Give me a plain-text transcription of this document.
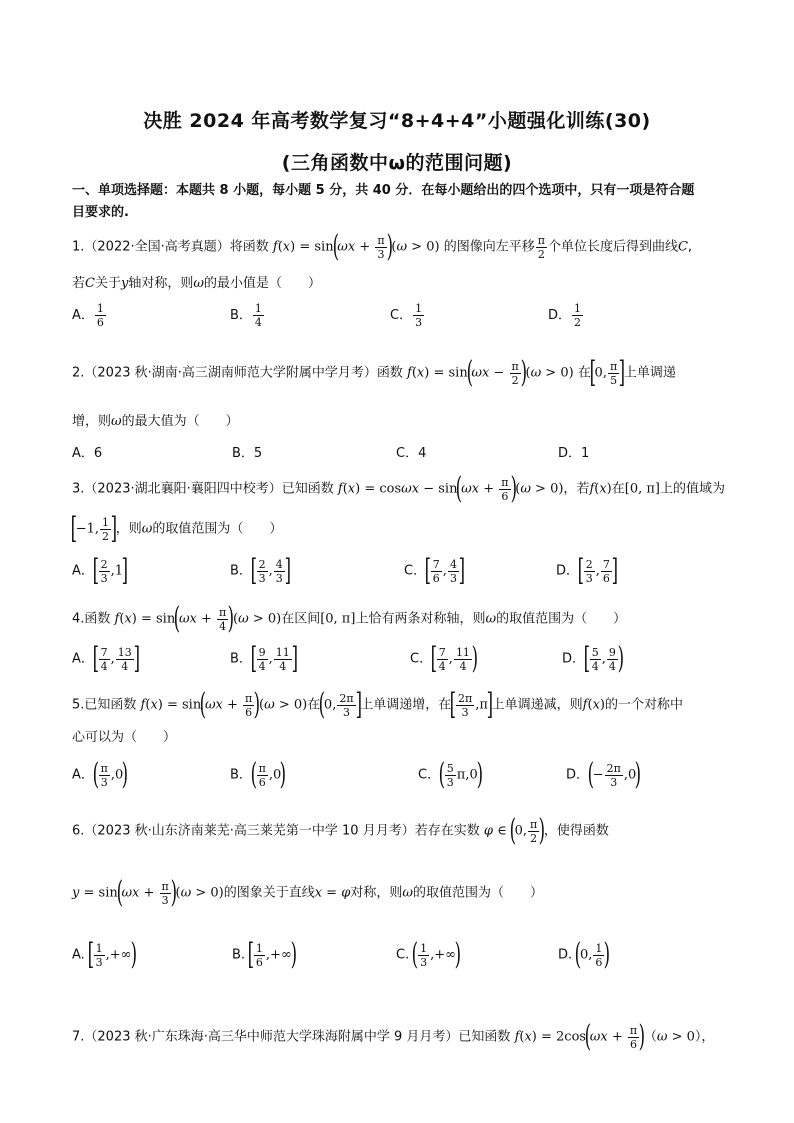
决胜 2024 年高考数学复习“8+4+4”小题强化训练(30)
(三角函数中ω的范围问题)
一、单项选择题：本题共 8 小题，每小题 5 分，共 40 分．在每小题给出的四个选项中，只有一项是符合题
目要求的.
1.（2022·全国·高考真题）将函数 $f(x) = \sin(\omega x + \frac{\pi}{3} )(\omega > 0)$ 的图像向左平移 $\frac{\pi}{2}$ 个单位长度后得到曲线C,
若C关于y轴对称，则ω的最小值是（　　）
A． $\frac{1}{6}$	B． $\frac{1}{4}$	C． $\frac{1}{3}$	D． $\frac{1}{2}$
2.（2023 秋·湖南·高三湖南师范大学附属中学月考）函数 $f(x) = \sin(\omega x - \frac{\pi}{2} )(\omega > 0)$ 在[0, $\frac{\pi}{5}$ ]上单调递
增，则ω的最大值为（　　）
A．6	B．5	C．4	D．1
3.（2023·湖北襄阳·襄阳四中校考）已知函数 $f(x) = \cos\omega x - \sin(\omega x + \frac{\pi}{6} )(\omega > 0)$，若f(x)在[0, π]上的值域为
[−1, $\frac{1}{2}$ ]，则ω的取值范围为（　　）
A．[ $\frac{2}{3} ,1$]	B．[ $\frac{2}{3}$ , $\frac{4}{3}$ ]	C．[ $\frac{7}{6}$ , $\frac{4}{3}$ ]	D．[ $\frac{2}{3}$ , $\frac{7}{6}$ ]
4.函数 $f(x) = \sin(\omega x + \frac{\pi}{4} )(\omega > 0)$在区间[0, π]上恰有两条对称轴，则ω的取值范围为（　　）
A．[ $\frac{7}{4}$ , $\frac{13}{4}$ ]	B．[ $\frac{9}{4}$ , $\frac{11}{4}$ ]	C．[ $\frac{7}{4}$ , $\frac{11}{4}$ )	D．[ $\frac{5}{4}$ , $\frac{9}{4}$ )
5.已知函数 $f(x) = \sin(\omega x + \frac{\pi}{6} )(\omega > 0)$在(0, $\frac{2\pi}{3}$ ]上单调递增，在[ $\frac{2\pi}{3} ,\pi$]上单调递减，则f(x)的一个对称中
心可以为（　　）
A．( $\frac{\pi}{3} ,0$)	B．( $\frac{\pi}{6} ,0$)	C．( $\frac{5}{3} \pi,0$)	D．(− $\frac{2\pi}{3} ,0$)
6.（2023 秋·山东济南莱芜·高三莱芜第一中学 10 月月考）若存在实数 φ ∈ (0, $\frac{\pi}{2}$ )，使得函数
$y = \sin(\omega x + \frac{\pi}{3} )(\omega > 0)$的图象关于直线x = φ对称，则ω的取值范围为（　　）
A. [ $\frac{1}{3}$ ,+∞)	B. [ $\frac{1}{6}$ ,+∞)	C. ( $\frac{1}{3}$ ,+∞)	D. (0, $\frac{1}{6}$ )
7.（2023 秋·广东珠海·高三华中师范大学珠海附属中学 9 月月考）已知函数 $f(x) = 2\cos(\omega x + \frac{\pi}{6} )(\omega > 0)$，
